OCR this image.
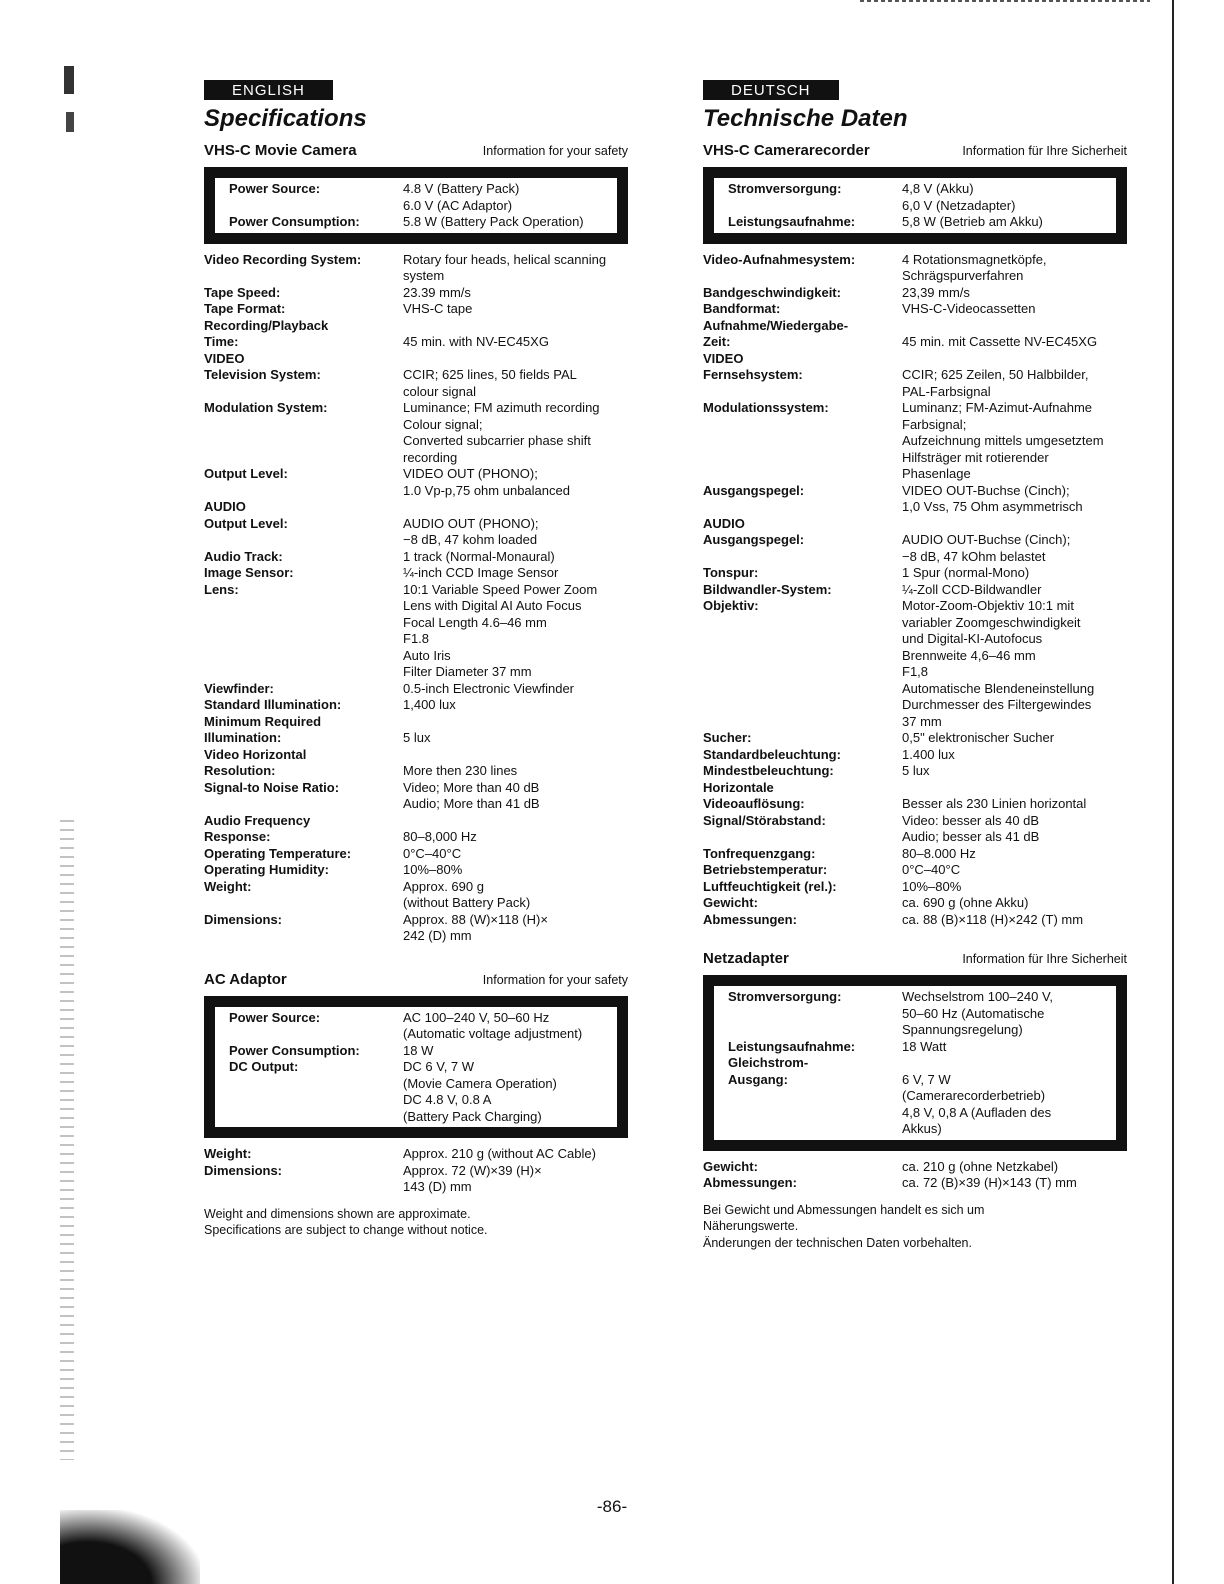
ENGLISH
Specifications
VHS-C Movie Camera	Information for your safety
Power Source:	4.8 V (Battery Pack)
6.0 V (AC Adaptor)
Power Consumption:	5.8 W (Battery Pack Operation)
Video Recording System:	Rotary four heads, helical scanning
system
Tape Speed:	23.39 mm/s
Tape Format:	VHS-C tape
Recording/Playback
Time:	
45 min. with NV-EC45XG
VIDEO
Television System:	CCIR; 625 lines, 50 fields PAL
colour signal
Modulation System:	Luminance; FM azimuth recording
Colour signal;
Converted subcarrier phase shift
recording
Output Level:	VIDEO OUT (PHONO);
1.0 Vp-p,75 ohm unbalanced
AUDIO
Output Level:	
AUDIO OUT (PHONO);
−8 dB, 47 kohm loaded
Audio Track:	1 track (Normal-Monaural)
Image Sensor:	¼-inch CCD Image Sensor
Lens:	10:1 Variable Speed Power Zoom
Lens with Digital AI Auto Focus
Focal Length 4.6–46 mm
F1.8
Auto Iris
Filter Diameter 37 mm
Viewfinder:	0.5-inch Electronic Viewfinder
Standard Illumination:	1,400 lux
Minimum Required
Illumination:	
5 lux
Video Horizontal
Resolution:	
More then 230 lines
Signal-to Noise Ratio:	Video; More than 40 dB
Audio; More than 41 dB
Audio Frequency
Response:	
80–8,000 Hz
Operating Temperature:	0°C–40°C
Operating Humidity:	10%–80%
Weight:	Approx. 690 g
(without Battery Pack)
Dimensions:	Approx. 88 (W)×118 (H)×
242 (D) mm
AC Adaptor	Information for your safety
Power Source:	AC 100–240 V, 50–60 Hz
(Automatic voltage adjustment)
Power Consumption:	18 W
DC Output:	DC 6 V, 7 W
(Movie Camera Operation)
DC 4.8 V, 0.8 A
(Battery Pack Charging)
Weight:	Approx. 210 g (without AC Cable)
Dimensions:	Approx. 72 (W)×39 (H)×
143 (D) mm
Weight and dimensions shown are approximate.
Specifications are subject to change without notice.
DEUTSCH
Technische Daten
VHS-C Camerarecorder	Information für Ihre Sicherheit
Stromversorgung:	4,8 V (Akku)
6,0 V (Netzadapter)
Leistungsaufnahme:	5,8 W (Betrieb am Akku)
Video-Aufnahmesystem:	4 Rotationsmagnetköpfe,
Schrägspurverfahren
Bandgeschwindigkeit:	23,39 mm/s
Bandformat:	VHS-C-Videocassetten
Aufnahme/Wiedergabe-
Zeit:	
45 min. mit Cassette NV-EC45XG
VIDEO
Fernsehsystem:	CCIR; 625 Zeilen, 50 Halbbilder,
PAL-Farbsignal
Modulationssystem:	Luminanz; FM-Azimut-Aufnahme
Farbsignal;
Aufzeichnung mittels umgesetztem
Hilfsträger mit rotierender
Phasenlage
Ausgangspegel:	VIDEO OUT-Buchse (Cinch);
1,0 Vss, 75 Ohm asymmetrisch
AUDIO
Ausgangspegel:	
AUDIO OUT-Buchse (Cinch);
−8 dB, 47 kOhm belastet
Tonspur:	1 Spur (normal-Mono)
Bildwandler-System:	¼-Zoll CCD-Bildwandler
Objektiv:	Motor-Zoom-Objektiv 10:1 mit
variabler Zoomgeschwindigkeit
und Digital-KI-Autofocus
Brennweite 4,6–46 mm
F1,8
Automatische Blendeneinstellung
Durchmesser des Filtergewindes
37 mm
Sucher:	0,5" elektronischer Sucher
Standardbeleuchtung:	1.400 lux
Mindestbeleuchtung:	5 lux
Horizontale
Videoauflösung:	
Besser als 230 Linien horizontal
Signal/Störabstand:	Video: besser als 40 dB
Audio; besser als 41 dB
Tonfrequenzgang:	80–8.000 Hz
Betriebstemperatur:	0°C–40°C
Luftfeuchtigkeit (rel.):	10%–80%
Gewicht:	ca. 690 g (ohne Akku)
Abmessungen:	ca. 88 (B)×118 (H)×242 (T) mm
Netzadapter	Information für Ihre Sicherheit
Stromversorgung:	Wechselstrom 100–240 V,
50–60 Hz (Automatische
Spannungsregelung)
Leistungsaufnahme:	18 Watt
Gleichstrom-
Ausgang:	
6 V, 7 W
(Camerarecorderbetrieb)
4,8 V, 0,8 A (Aufladen des
Akkus)
Gewicht:	ca. 210 g (ohne Netzkabel)
Abmessungen:	ca. 72 (B)×39 (H)×143 (T) mm
Bei Gewicht und Abmessungen handelt es sich um
Näherungswerte.
Änderungen der technischen Daten vorbehalten.
-86-
